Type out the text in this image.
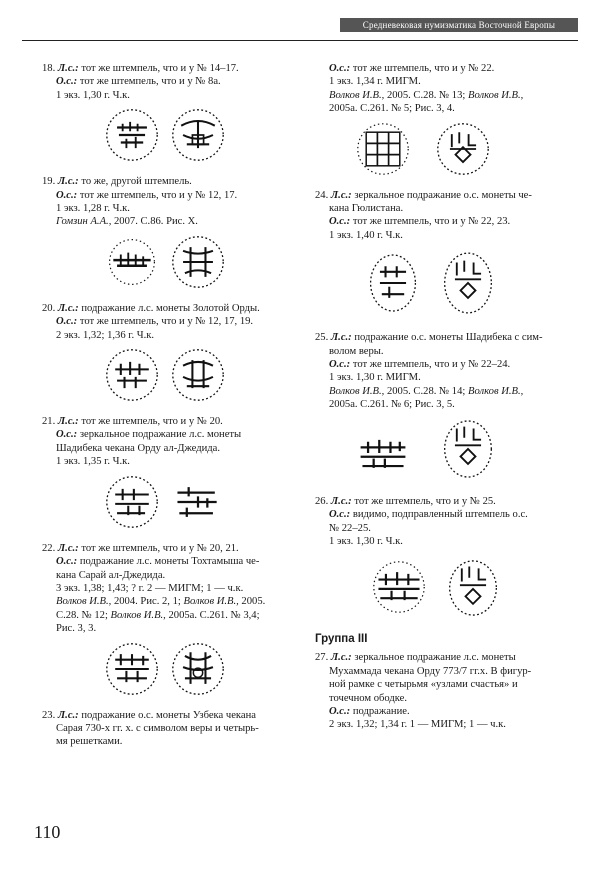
Средневековая нумизматика Восточной Европы

18. Л.с.: тот же штемпель, что и у № 14–17.

О.с.: тот же штемпель, что и у № 8а.

1 экз. 1,30 г. Ч.к.

19. Л.с.: то же, другой штемпель.

О.с.: тот же штемпель, что и у № 12, 17.

1 экз. 1,28 г. Ч.к.

Гомзин А.А., 2007. С.86. Рис. Х.

20. Л.с.: подражание л.с. монеты Золотой Орды.

О.с.: тот же штемпель, что и у № 12, 17, 19.

2 экз. 1,32; 1,36 г. Ч.к.

21. Л.с.: тот же штемпель, что и у № 20.

О.с.: зеркальное подражание л.с. монеты

Шадибека чекана Орду ал-Джедида.

1 экз. 1,35 г. Ч.к.

22. Л.с.: тот же штемпель, что и у № 20, 21.

О.с.: подражание л.с. монеты Тохтамыша че-

кана Сарай ал-Джедида.

3 экз. 1,38; 1,43; ? г. 2 — МИГМ; 1 — ч.к.

Волков И.В., 2004. Рис. 2, 1; Волков И.В., 2005.

С.28. № 12; Волков И.В., 2005а. С.261. № 3,4;

Рис. 3, 3.

23. Л.с.: подражание о.с. монеты Узбека чекана

Сарая 730-х гг. х. с символом веры и четырь-

мя решетками.

О.с.: тот же штемпель, что и у № 22.

1 экз. 1,34 г. МИГМ.

Волков И.В., 2005. С.28. № 13; Волков И.В.,

2005а. С.261. № 5; Рис. 3, 4.

24. Л.с.: зеркальное подражание о.с. монеты че-

кана Гюлистана.

О.с.: тот же штемпель, что и у № 22, 23.

1 экз. 1,40 г. Ч.к.

25. Л.с.: подражание о.с. монеты Шадибека с сим-

волом веры.

О.с.: тот же штемпель, что и у № 22–24.

1 экз. 1,30 г. МИГМ.

Волков И.В., 2005. С.28. № 14; Волков И.В.,

2005а. С.261. № 6; Рис. 3, 5.

26. Л.с.: тот же штемпель, что и у № 25.

О.с.: видимо, подправленный штемпель о.с.

№ 22–25.

1 экз. 1,30 г. Ч.к.

Группа III

27. Л.с.: зеркальное подражание л.с. монеты

Мухаммада чекана Орду 773/7 гг.х. В фигур-

ной рамке с четырьмя «узлами счастья» и

точечном ободке.

О.с.: подражание.

2 экз. 1,32; 1,34 г. 1 — МИГМ; 1 — ч.к.

110
